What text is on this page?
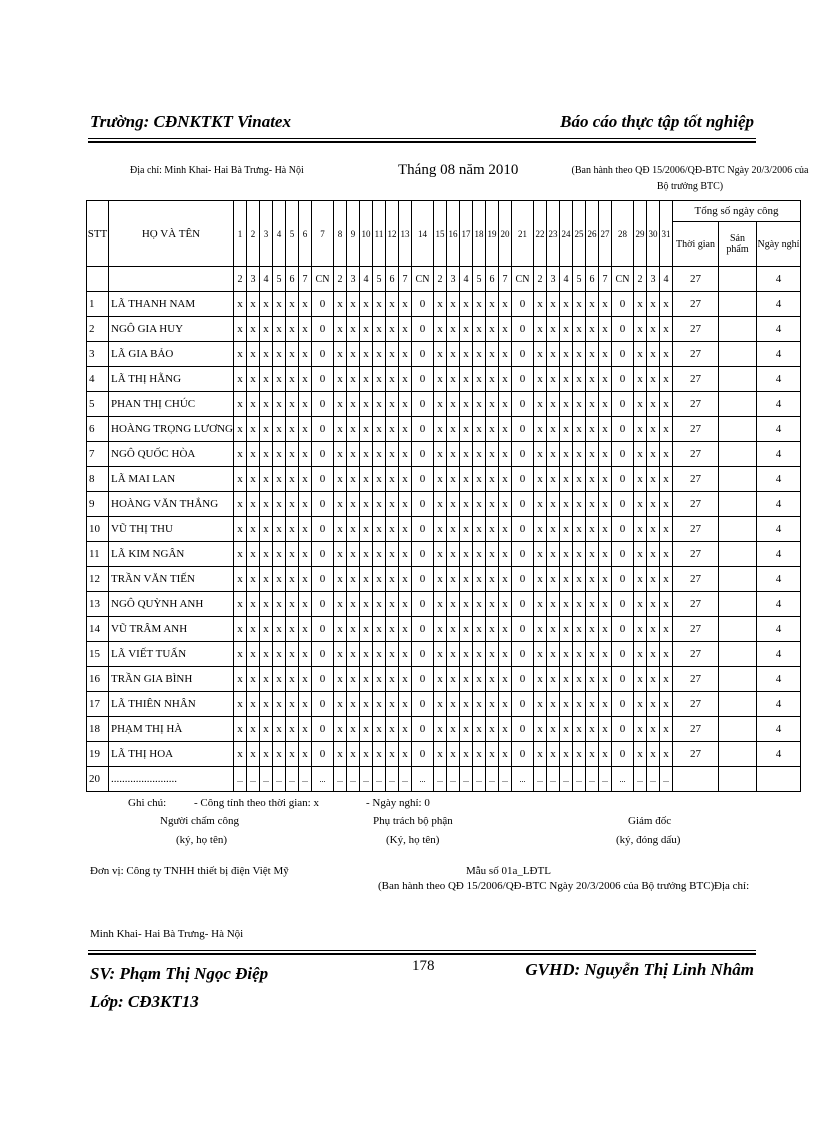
Trường: CĐNKTKT Vinatex	Báo cáo thực tập tốt nghiệp
Địa chỉ: Minh Khai- Hai Bà Trưng- Hà Nội	Tháng 08 năm 2010	(Ban hành theo QĐ 15/2006/QĐ-BTC Ngày 20/3/2006 của Bộ trưởng BTC)
STT	HỌ VÀ TÊN	1	2	3	4	5	6	7	8	9	10	11	12	13	14	15	16	17	18	19	20	21	22	23	24	25	26	27	28	29	30	31	Tổng số ngày công		
																																	Thời gian	Sản phẩm	Ngày nghỉ
		2	3	4	5	6	7	CN	2	3	4	5	6	7	CN	2	3	4	5	6	7	CN	2	3	4	5	6	7	CN	2	3	4	27		4
1	LÃ THANH NAM	x	x	x	x	x	x	0	x	x	x	x	x	x	0	x	x	x	x	x	x	0	x	x	x	x	x	x	0	x	x	x	27		4
2	NGÔ GIA HUY	x	x	x	x	x	x	0	x	x	x	x	x	x	0	x	x	x	x	x	x	0	x	x	x	x	x	x	0	x	x	x	27		4
3	LÃ GIA BẢO	x	x	x	x	x	x	0	x	x	x	x	x	x	0	x	x	x	x	x	x	0	x	x	x	x	x	x	0	x	x	x	27		4
4	LÃ THỊ HẰNG	x	x	x	x	x	x	0	x	x	x	x	x	x	0	x	x	x	x	x	x	0	x	x	x	x	x	x	0	x	x	x	27		4
5	PHAN THỊ CHÚC	x	x	x	x	x	x	0	x	x	x	x	x	x	0	x	x	x	x	x	x	0	x	x	x	x	x	x	0	x	x	x	27		4
6	HOÀNG TRỌNG LƯƠNG	x	x	x	x	x	x	0	x	x	x	x	x	x	0	x	x	x	x	x	x	0	x	x	x	x	x	x	0	x	x	x	27		4
7	NGÔ QUỐC HÒA	x	x	x	x	x	x	0	x	x	x	x	x	x	0	x	x	x	x	x	x	0	x	x	x	x	x	x	0	x	x	x	27		4
8	LÃ MAI LAN	x	x	x	x	x	x	0	x	x	x	x	x	x	0	x	x	x	x	x	x	0	x	x	x	x	x	x	0	x	x	x	27		4
9	HOÀNG VĂN THẮNG	x	x	x	x	x	x	0	x	x	x	x	x	x	0	x	x	x	x	x	x	0	x	x	x	x	x	x	0	x	x	x	27		4
10	VŨ THỊ THU	x	x	x	x	x	x	0	x	x	x	x	x	x	0	x	x	x	x	x	x	0	x	x	x	x	x	x	0	x	x	x	27		4
11	LÃ KIM NGÂN	x	x	x	x	x	x	0	x	x	x	x	x	x	0	x	x	x	x	x	x	0	x	x	x	x	x	x	0	x	x	x	27		4
12	TRẦN VĂN TIẾN	x	x	x	x	x	x	0	x	x	x	x	x	x	0	x	x	x	x	x	x	0	x	x	x	x	x	x	0	x	x	x	27		4
13	NGÔ QUỲNH ANH	x	x	x	x	x	x	0	x	x	x	x	x	x	0	x	x	x	x	x	x	0	x	x	x	x	x	x	0	x	x	x	27		4
14	VŨ TRÂM ANH	x	x	x	x	x	x	0	x	x	x	x	x	x	0	x	x	x	x	x	x	0	x	x	x	x	x	x	0	x	x	x	27		4
15	LÃ VIẾT TUẤN	x	x	x	x	x	x	0	x	x	x	x	x	x	0	x	x	x	x	x	x	0	x	x	x	x	x	x	0	x	x	x	27		4
16	TRẦN GIA BÌNH	x	x	x	x	x	x	0	x	x	x	x	x	x	0	x	x	x	x	x	x	0	x	x	x	x	x	x	0	x	x	x	27		4
17	LÃ THIÊN NHÂN	x	x	x	x	x	x	0	x	x	x	x	x	x	0	x	x	x	x	x	x	0	x	x	x	x	x	x	0	x	x	x	27		4
18	PHẠM THỊ HÀ	x	x	x	x	x	x	0	x	x	x	x	x	x	0	x	x	x	x	x	x	0	x	x	x	x	x	x	0	x	x	x	27		4
19	LÃ THỊ HOA	x	x	x	x	x	x	0	x	x	x	x	x	x	0	x	x	x	x	x	x	0	x	x	x	x	x	x	0	x	x	x	27		4
20	........................	...	...	...	...	...	...	...	...	...	...	...	...	...	...	...	...	...	...	...	...	...	...	...	...	...	...	...	...	...	...	...			
Ghi chú:	- Công tính theo thời gian: x	- Ngày nghỉ: 0
Người chấm công
(ký, họ tên)
Phụ trách bộ phận
(Ký, họ tên)
Giám đốc
(ký, đóng dấu)
Đơn vị: Công ty TNHH thiết bị điện Việt Mỹ	Mẫu số 01a_LĐTL
(Ban hành theo QĐ 15/2006/QĐ-BTC Ngày 20/3/2006 của Bộ trưởng BTC) Địa chỉ:
Minh Khai- Hai Bà Trưng- Hà Nội
SV: Phạm Thị Ngọc Điệp
Lớp: CĐ3KT13
178	GVHD: Nguyễn Thị Linh Nhâm
